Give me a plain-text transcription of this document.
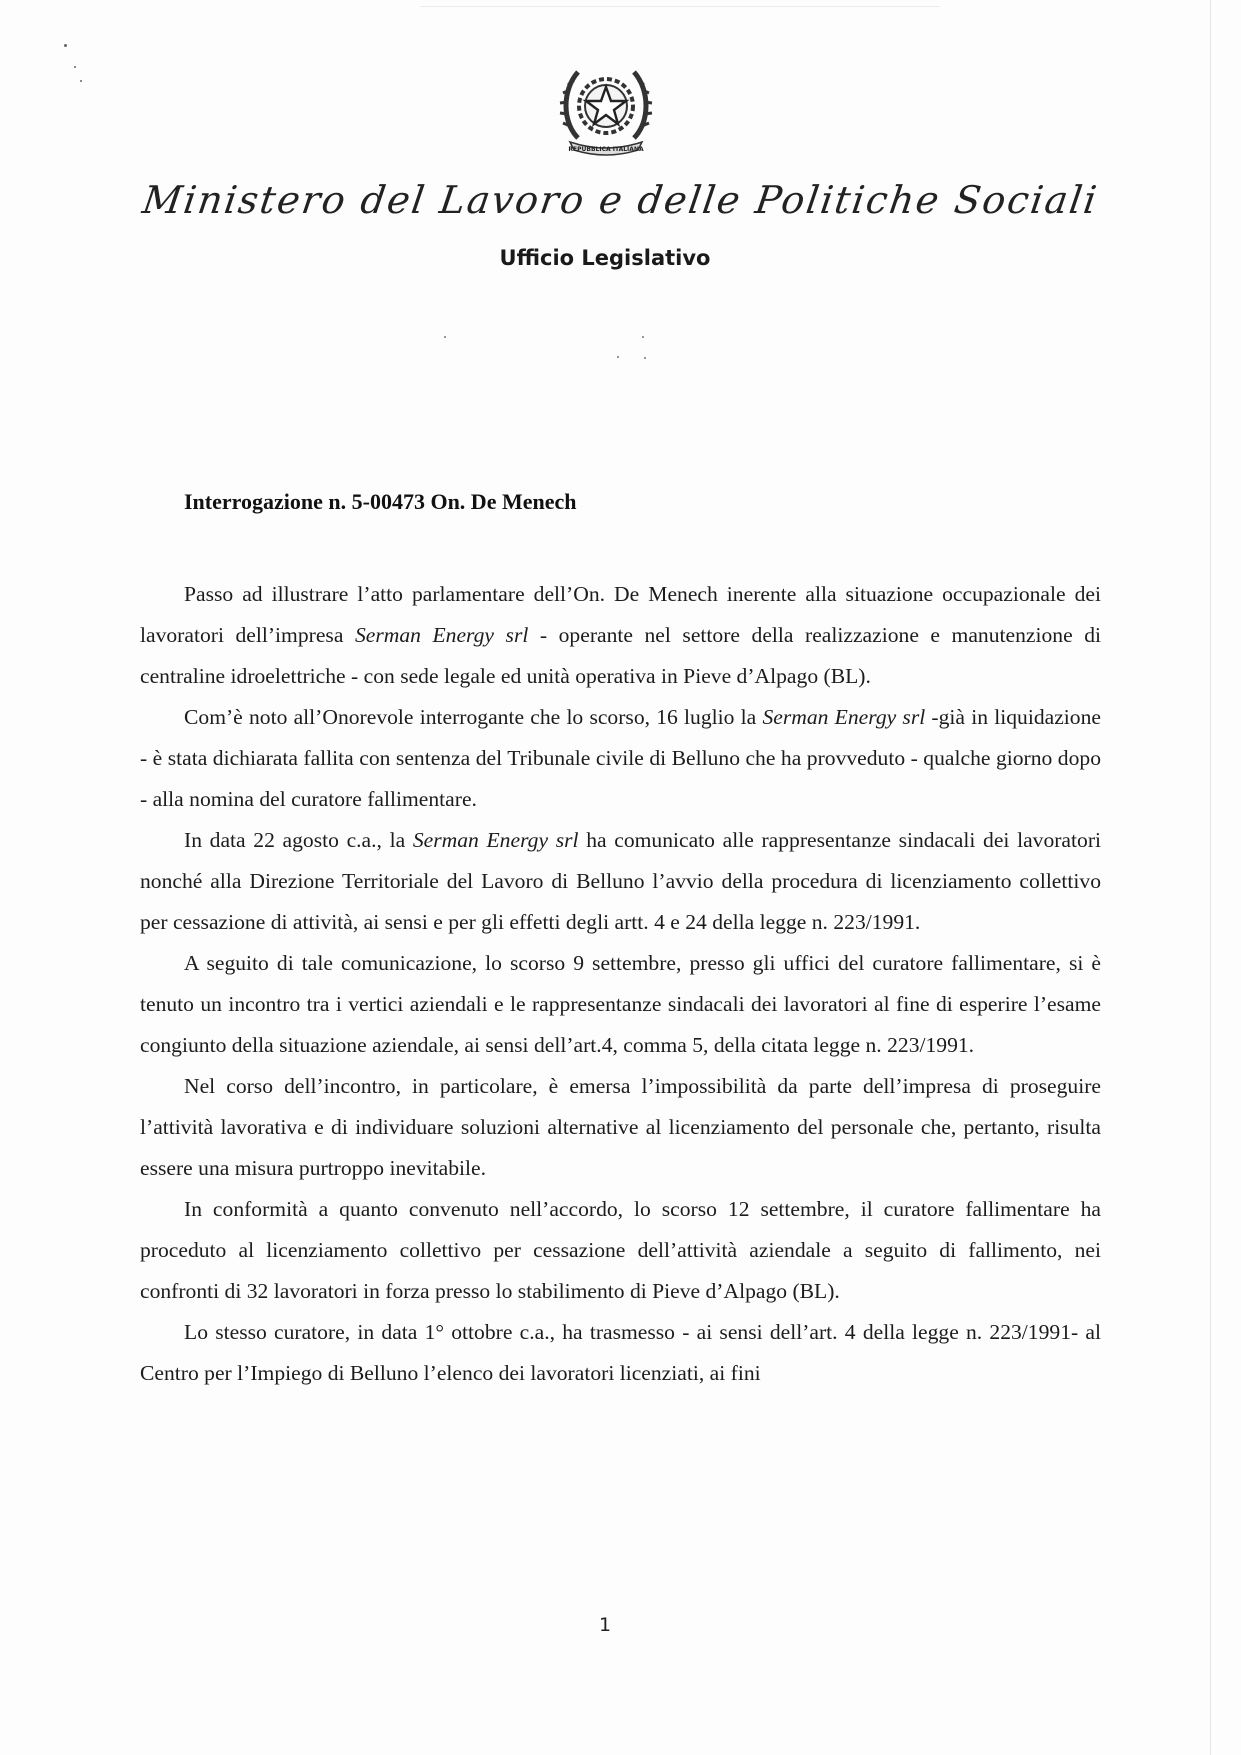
REPUBBLICA ITALIANA
Ministero del Lavoro e delle Politiche Sociali
Ufficio Legislativo
Interrogazione n. 5-00473 On. De Menech

Passo ad illustrare l’atto parlamentare dell’On. De Menech inerente alla situazione occupazionale dei lavoratori dell’impresa Serman Energy srl - operante nel settore della realizzazione e manutenzione di centraline idroelettriche - con sede legale ed unità operativa in Pieve d’Alpago (BL).

Com’è noto all’Onorevole interrogante che lo scorso, 16 luglio la Serman Energy srl -già in liquidazione - è stata dichiarata fallita con sentenza del Tribunale civile di Belluno che ha provveduto - qualche giorno dopo - alla nomina del curatore fallimentare.

In data 22 agosto c.a., la Serman Energy srl ha comunicato alle rappresentanze sindacali dei lavoratori nonché alla Direzione Territoriale del Lavoro di Belluno l’avvio della procedura di licenziamento collettivo per cessazione di attività, ai sensi e per gli effetti degli artt. 4 e 24 della legge n. 223/1991.

A seguito di tale comunicazione, lo scorso 9 settembre, presso gli uffici del curatore fallimentare, si è tenuto un incontro tra i vertici aziendali e le rappresentanze sindacali dei lavoratori al fine di esperire l’esame congiunto della situazione aziendale, ai sensi dell’art.4, comma 5, della citata legge n. 223/1991.

Nel corso dell’incontro, in particolare, è emersa l’impossibilità da parte dell’impresa di proseguire l’attività lavorativa e di individuare soluzioni alternative al licenziamento del personale che, pertanto, risulta essere una misura purtroppo inevitabile.

In conformità a quanto convenuto nell’accordo, lo scorso 12 settembre, il curatore fallimentare ha proceduto al licenziamento collettivo per cessazione dell’attività aziendale a seguito di fallimento, nei confronti di 32 lavoratori in forza presso lo stabilimento di Pieve d’Alpago (BL).

Lo stesso curatore, in data 1° ottobre c.a., ha trasmesso - ai sensi dell’art. 4 della legge n. 223/1991- al Centro per l’Impiego di Belluno l’elenco dei lavoratori licenziati, ai fini

1
